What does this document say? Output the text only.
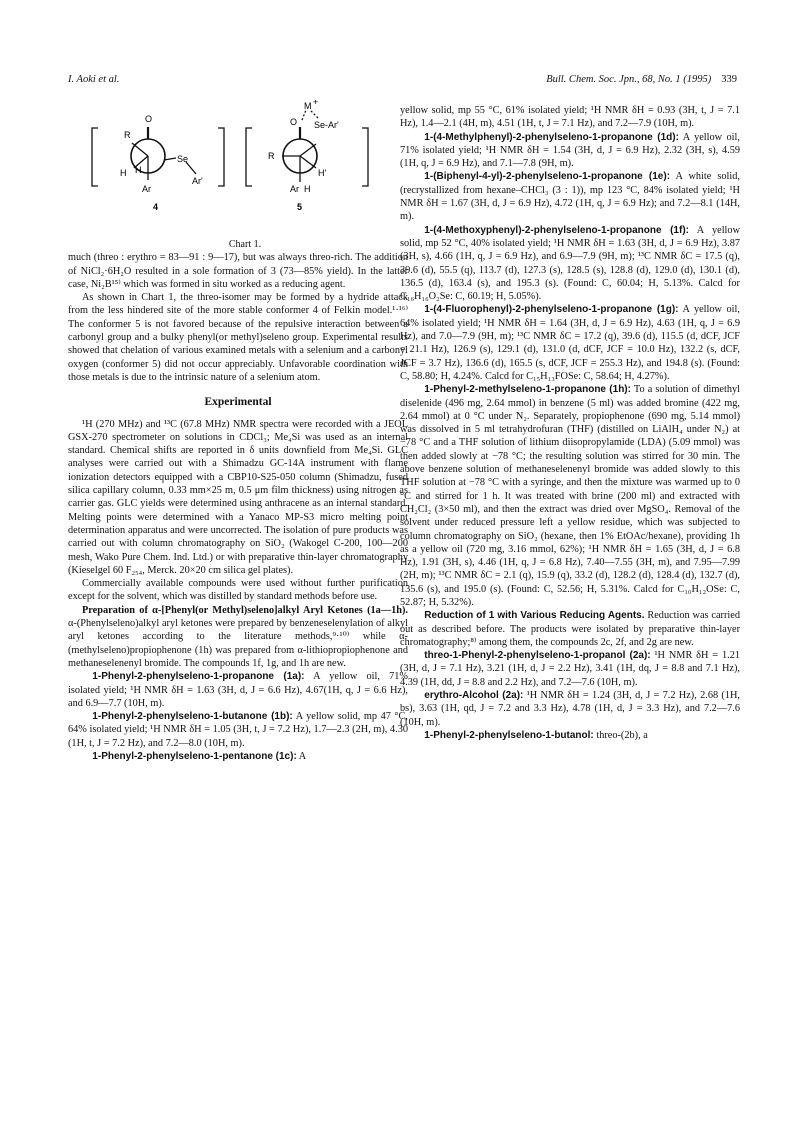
I. Aoki et al.	Bull. Chem. Soc. Jpn., 68, No. 1 (1995) 339
O
R
H H
Ar
Se
Ar'
4
M +
O Se-Ar'
R
Ar H
H'
5

Chart 1.

much (threo : erythro = 83—91 : 9—17), but was always threo-rich. The addition of NiCl₂·6H₂O resulted in a sole formation of 3 (73—85% yield). In the latter case, Ni₂B¹⁵⁾ which was formed in situ worked as a reducing agent.

As shown in Chart 1, the threo-isomer may be formed by a hydride attack from the less hindered site of the more stable conformer 4 of Felkin model.¹·¹⁶⁾ The conformer 5 is not favored because of the repulsive interaction between a carbonyl group and a bulky phenyl(or methyl)seleno group. Experimental results showed that chelation of various examined metals with a selenium and a carbonyl oxygen (conformer 5) did not occur appreciably. Unfavorable coordination with those metals is due to the intrinsic nature of a selenium atom.

Experimental

¹H (270 MHz) and ¹³C (67.8 MHz) NMR spectra were recorded with a JEOL GSX-270 spectrometer on solutions in CDCl₃; Me₄Si was used as an internal standard. Chemical shifts are reported in δ units downfield from Me₄Si. GLC analyses were carried out with a Shimadzu GC-14A instrument with flame ionization detectors equipped with a CBP10-S25-050 column (Shimadzu, fused silica capillary column, 0.33 mm×25 m, 0.5 μm film thickness) using nitrogen as carrier gas. GLC yields were determined using anthracene as an internal standard. Melting points were determined with a Yanaco MP-S3 micro melting point determination apparatus and were uncorrected. The isolation of pure products was carried out with column chromatography on SiO₂ (Wakogel C-200, 100—200 mesh, Wako Pure Chem. Ind. Ltd.) or with preparative thin-layer chromatography (Kieselgel 60 F₂₅₄, Merck. 20×20 cm silica gel plates).

Commercially available compounds were used without further purification except for the solvent, which was distilled by standard methods before use.

Preparation of α-[Phenyl(or Methyl)seleno]alkyl Aryl Ketones (1a—1h). α-(Phenylseleno)alkyl aryl ketones were prepared by benzeneselenylation of alkyl aryl ketones according to the literature methods,⁹·¹⁰⁾ while α-(methylseleno)propiophenone (1h) was prepared from α-lithiopropiophenone and methaneselenenyl bromide. The compounds 1f, 1g, and 1h are new.

 1-Phenyl-2-phenylseleno-1-propanone (1a): A yellow oil, 71% isolated yield; ¹H NMR δH = 1.63 (3H, d, J = 6.6 Hz), 4.67(1H, q, J = 6.6 Hz), and 6.9—7.7 (10H, m).

 1-Phenyl-2-phenylseleno-1-butanone (1b): A yellow solid, mp 47 °C, 64% isolated yield; ¹H NMR δH = 1.05 (3H, t, J = 7.2 Hz), 1.7—2.3 (2H, m), 4.30 (1H, t, J = 7.2 Hz), and 7.2—8.0 (10H, m).

 1-Phenyl-2-phenylseleno-1-pentanone (1c): A

yellow solid, mp 55 °C, 61% isolated yield; ¹H NMR δH = 0.93 (3H, t, J = 7.1 Hz), 1.4—2.1 (4H, m), 4.51 (1H, t, J = 7.1 Hz), and 7.2—7.9 (10H, m).

 1-(4-Methylphenyl)-2-phenylseleno-1-propanone (1d): A yellow oil, 71% isolated yield; ¹H NMR δH = 1.54 (3H, d, J = 6.9 Hz), 2.32 (3H, s), 4.59 (1H, q, J = 6.9 Hz), and 7.1—7.8 (9H, m).

 1-(Biphenyl-4-yl)-2-phenylseleno-1-propanone (1e): A white solid, (recrystallized from hexane–CHCl₃ (3 : 1)), mp 123 °C, 84% isolated yield; ¹H NMR δH = 1.67 (3H, d, J = 6.9 Hz), 4.72 (1H, q, J = 6.9 Hz); and 7.2—8.1 (14H, m).

 1-(4-Methoxyphenyl)-2-phenylseleno-1-propanone (1f): A yellow solid, mp 52 °C, 40% isolated yield; ¹H NMR δH = 1.63 (3H, d, J = 6.9 Hz), 3.87 (3H, s), 4.66 (1H, q, J = 6.9 Hz), and 6.9—7.9 (9H, m); ¹³C NMR δC = 17.5 (q), 39.6 (d), 55.5 (q), 113.7 (d), 127.3 (s), 128.5 (s), 128.8 (d), 129.0 (d), 130.1 (d), 136.5 (d), 163.4 (s), and 195.3 (s). (Found: C, 60.04; H, 5.13%. Calcd for C₁₆H₁₆O₂Se: C, 60.19; H, 5.05%).

 1-(4-Fluorophenyl)-2-phenylseleno-1-propanone (1g): A yellow oil, 64% isolated yield; ¹H NMR δH = 1.64 (3H, d, J = 6.9 Hz), 4.63 (1H, q, J = 6.9 Hz), and 7.0—7.9 (9H, m); ¹³C NMR δC = 17.2 (q), 39.6 (d), 115.5 (d, dCF, JCF = 21.1 Hz), 126.9 (s), 129.1 (d), 131.0 (d, dCF, JCF = 10.0 Hz), 132.2 (s, dCF, JCF = 3.7 Hz), 136.6 (d), 165.5 (s, dCF, JCF = 255.3 Hz), and 194.8 (s). (Found: C, 58.80; H, 4.24%. Calcd for C₁₅H₁₃FOSe: C, 58.64; H, 4.27%).

 1-Phenyl-2-methylseleno-1-propanone (1h): To a solution of dimethyl diselenide (496 mg, 2.64 mmol) in benzene (5 ml) was added bromine (422 mg, 2.64 mmol) at 0 °C under N₂. Separately, propiophenone (690 mg, 5.14 mmol) was dissolved in 5 ml tetrahydrofuran (THF) (distilled on LiAlH₄ under N₂) at −78 °C and a THF solution of lithium diisopropylamide (LDA) (5.09 mmol) was then added slowly at −78 °C; the resulting solution was stirred for 30 min. The above benzene solution of methaneselenenyl bromide was added slowly to this THF solution at −78 °C with a syringe, and then the mixture was warmed up to 0 °C and stirred for 1 h. It was treated with brine (200 ml) and extracted with CH₂Cl₂ (3×50 ml), and then the extract was dried over MgSO₄. Removal of the solvent under reduced pressure left a yellow residue, which was subjected to column chromatography on SiO₂ (hexane, then 1% EtOAc/hexane), providing 1h as a yellow oil (720 mg, 3.16 mmol, 62%); ¹H NMR δH = 1.65 (3H, d, J = 6.8 Hz), 1.91 (3H, s), 4.46 (1H, q, J = 6.8 Hz), 7.40—7.55 (3H, m), and 7.95—7.99 (2H, m); ¹³C NMR δC = 2.1 (q), 15.9 (q), 33.2 (d), 128.2 (d), 128.4 (d), 132.7 (d), 135.6 (s), and 195.0 (s). (Found: C, 52.56; H, 5.31%. Calcd for C₁₀H₁₂OSe: C, 52.87; H, 5.32%).

 Reduction of 1 with Various Reducing Agents. Reduction was carried out as described before. The products were isolated by preparative thin-layer chromatography;⁸⁾ among them, the compounds 2c, 2f, and 2g are new.

 threo-1-Phenyl-2-phenylseleno-1-propanol (2a): ¹H NMR δH = 1.21 (3H, d, J = 7.1 Hz), 3.21 (1H, d, J = 2.2 Hz), 3.41 (1H, dq, J = 8.8 and 7.1 Hz), 4.39 (1H, dd, J = 8.8 and 2.2 Hz), and 7.2—7.6 (10H, m).

 erythro-Alcohol (2a): ¹H NMR δH = 1.24 (3H, d, J = 7.2 Hz), 2.68 (1H, bs), 3.63 (1H, qd, J = 7.2 and 3.3 Hz), 4.78 (1H, d, J = 3.3 Hz), and 7.2—7.6 (10H, m).

 1-Phenyl-2-phenylseleno-1-butanol: threo-(2b), a
